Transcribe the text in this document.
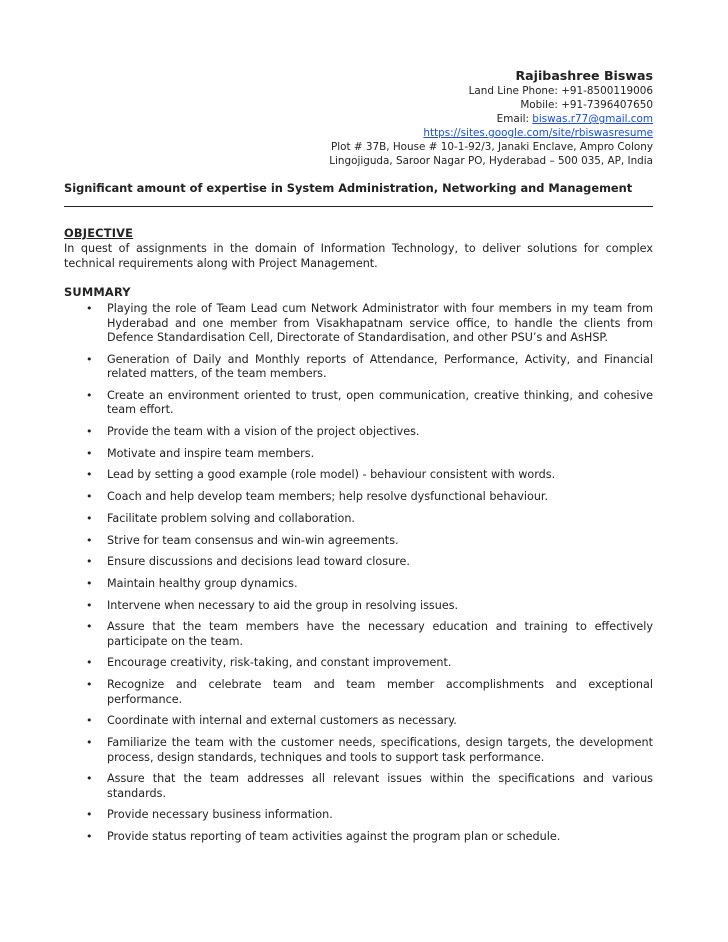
Rajibashree Biswas
Land Line Phone: +91-8500119006
Mobile: +91-7396407650
Email: biswas.r77@gmail.com
https://sites.google.com/site/rbiswasresume
Plot # 37B, House # 10-1-92/3, Janaki Enclave, Ampro Colony
Lingojiguda, Saroor Nagar PO, Hyderabad – 500 035, AP, India
Significant amount of expertise in System Administration, Networking and Management
OBJECTIVE
In quest of assignments in the domain of Information Technology, to deliver solutions for complex technical requirements along with Project Management.
SUMMARY
• Playing the role of Team Lead cum Network Administrator with four members in my team from Hyderabad and one member from Visakhapatnam service office, to handle the clients from Defence Standardisation Cell, Directorate of Standardisation, and other PSU’s and AsHSP.
• Generation of Daily and Monthly reports of Attendance, Performance, Activity, and Financial related matters, of the team members.
• Create an environment oriented to trust, open communication, creative thinking, and cohesive team effort.
• Provide the team with a vision of the project objectives.
• Motivate and inspire team members.
• Lead by setting a good example (role model) - behaviour consistent with words.
• Coach and help develop team members; help resolve dysfunctional behaviour.
• Facilitate problem solving and collaboration.
• Strive for team consensus and win-win agreements.
• Ensure discussions and decisions lead toward closure.
• Maintain healthy group dynamics.
• Intervene when necessary to aid the group in resolving issues.
• Assure that the team members have the necessary education and training to effectively participate on the team.
• Encourage creativity, risk-taking, and constant improvement.
• Recognize and celebrate team and team member accomplishments and exceptional performance.
• Coordinate with internal and external customers as necessary.
• Familiarize the team with the customer needs, specifications, design targets, the development process, design standards, techniques and tools to support task performance.
• Assure that the team addresses all relevant issues within the specifications and various standards.
• Provide necessary business information.
• Provide status reporting of team activities against the program plan or schedule.
